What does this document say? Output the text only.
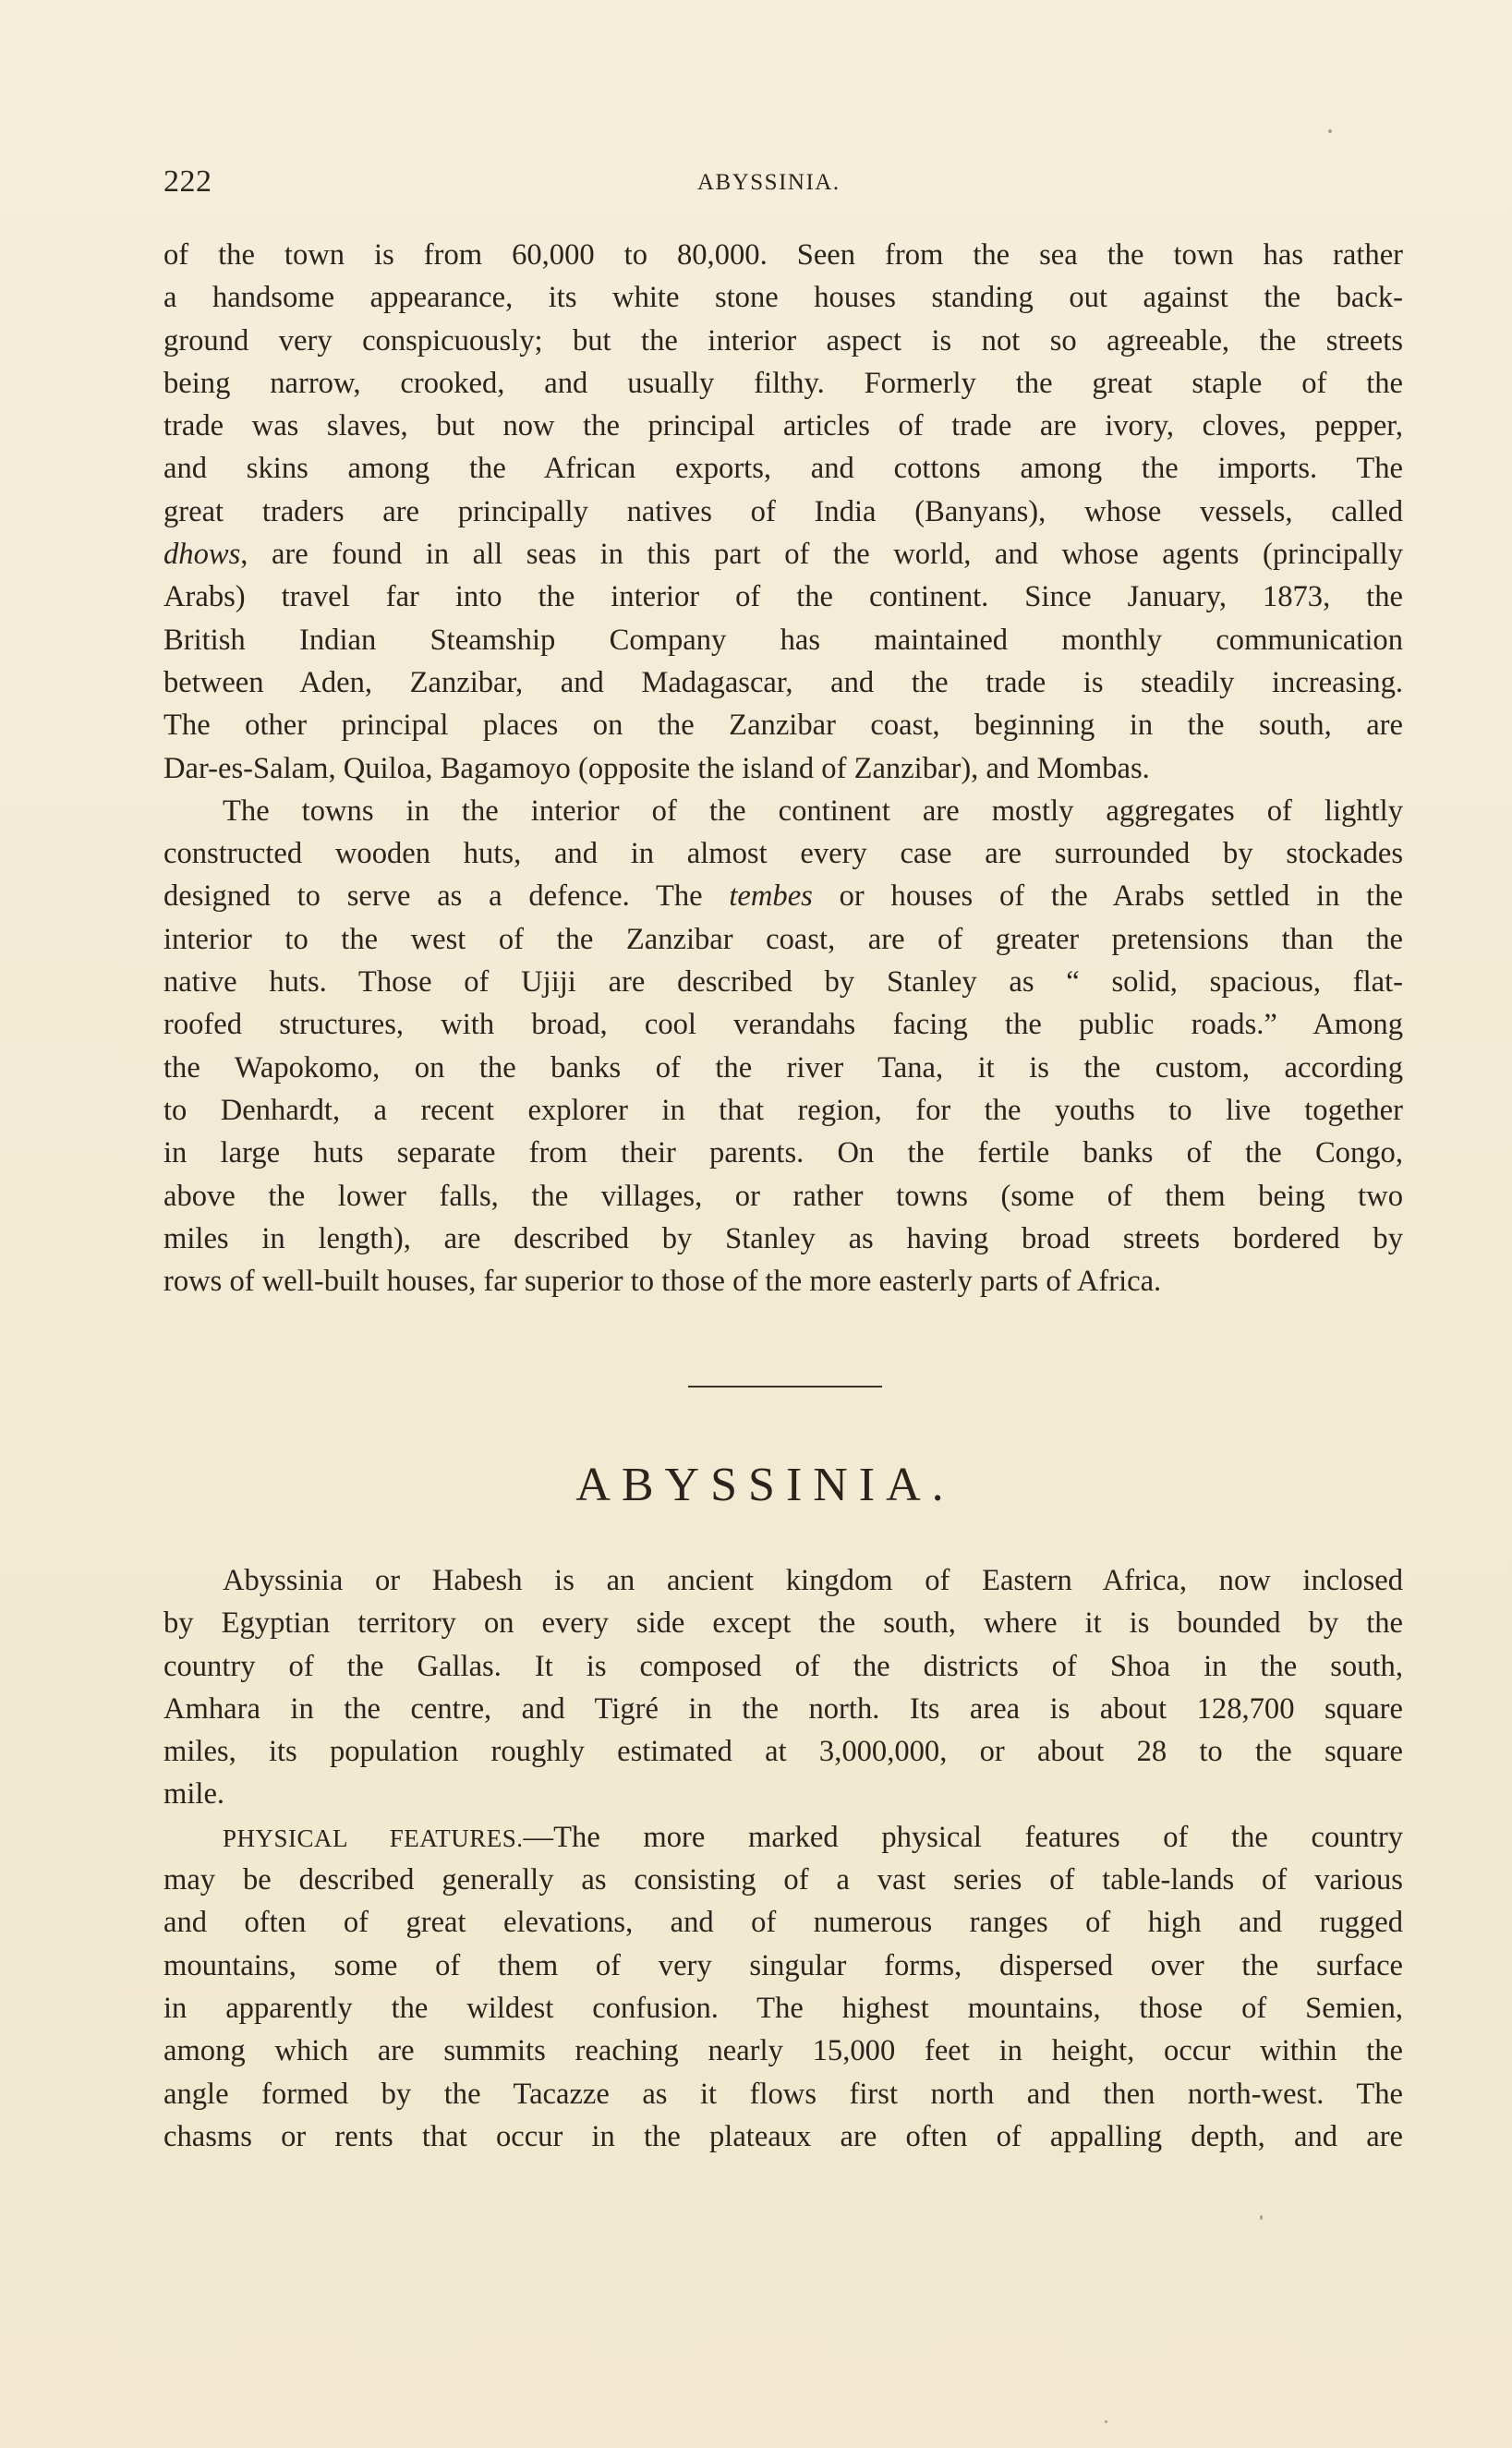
222	ABYSSINIA.
of the town is from 60,000 to 80,000. Seen from the sea the town has rather
a handsome appearance, its white stone houses standing out against the back-
ground very conspicuously; but the interior aspect is not so agreeable, the streets
being narrow, crooked, and usually filthy. Formerly the great staple of the
trade was slaves, but now the principal articles of trade are ivory, cloves, pepper,
and skins among the African exports, and cottons among the imports. The
great traders are principally natives of India (Banyans), whose vessels, called
dhows, are found in all seas in this part of the world, and whose agents (principally
Arabs) travel far into the interior of the continent. Since January, 1873, the
British Indian Steamship Company has maintained monthly communication
between Aden, Zanzibar, and Madagascar, and the trade is steadily increasing.
The other principal places on the Zanzibar coast, beginning in the south, are
Dar-es-Salam, Quiloa, Bagamoyo (opposite the island of Zanzibar), and Mombas.
The towns in the interior of the continent are mostly aggregates of lightly
constructed wooden huts, and in almost every case are surrounded by stockades
designed to serve as a defence. The tembes or houses of the Arabs settled in the
interior to the west of the Zanzibar coast, are of greater pretensions than the
native huts. Those of Ujiji are described by Stanley as “ solid, spacious, flat-
roofed structures, with broad, cool verandahs facing the public roads.” Among
the Wapokomo, on the banks of the river Tana, it is the custom, according
to Denhardt, a recent explorer in that region, for the youths to live together
in large huts separate from their parents. On the fertile banks of the Congo,
above the lower falls, the villages, or rather towns (some of them being two
miles in length), are described by Stanley as having broad streets bordered by
rows of well-built houses, far superior to those of the more easterly parts of Africa.
ABYSSINIA.
Abyssinia or Habesh is an ancient kingdom of Eastern Africa, now inclosed
by Egyptian territory on every side except the south, where it is bounded by the
country of the Gallas. It is composed of the districts of Shoa in the south,
Amhara in the centre, and Tigré in the north. Its area is about 128,700 square
miles, its population roughly estimated at 3,000,000, or about 28 to the square
mile.
PHYSICAL FEATURES.—The more marked physical features of the country
may be described generally as consisting of a vast series of table-lands of various
and often of great elevations, and of numerous ranges of high and rugged
mountains, some of them of very singular forms, dispersed over the surface
in apparently the wildest confusion. The highest mountains, those of Semien,
among which are summits reaching nearly 15,000 feet in height, occur within the
angle formed by the Tacazze as it flows first north and then north-west. The
chasms or rents that occur in the plateaux are often of appalling depth, and are
